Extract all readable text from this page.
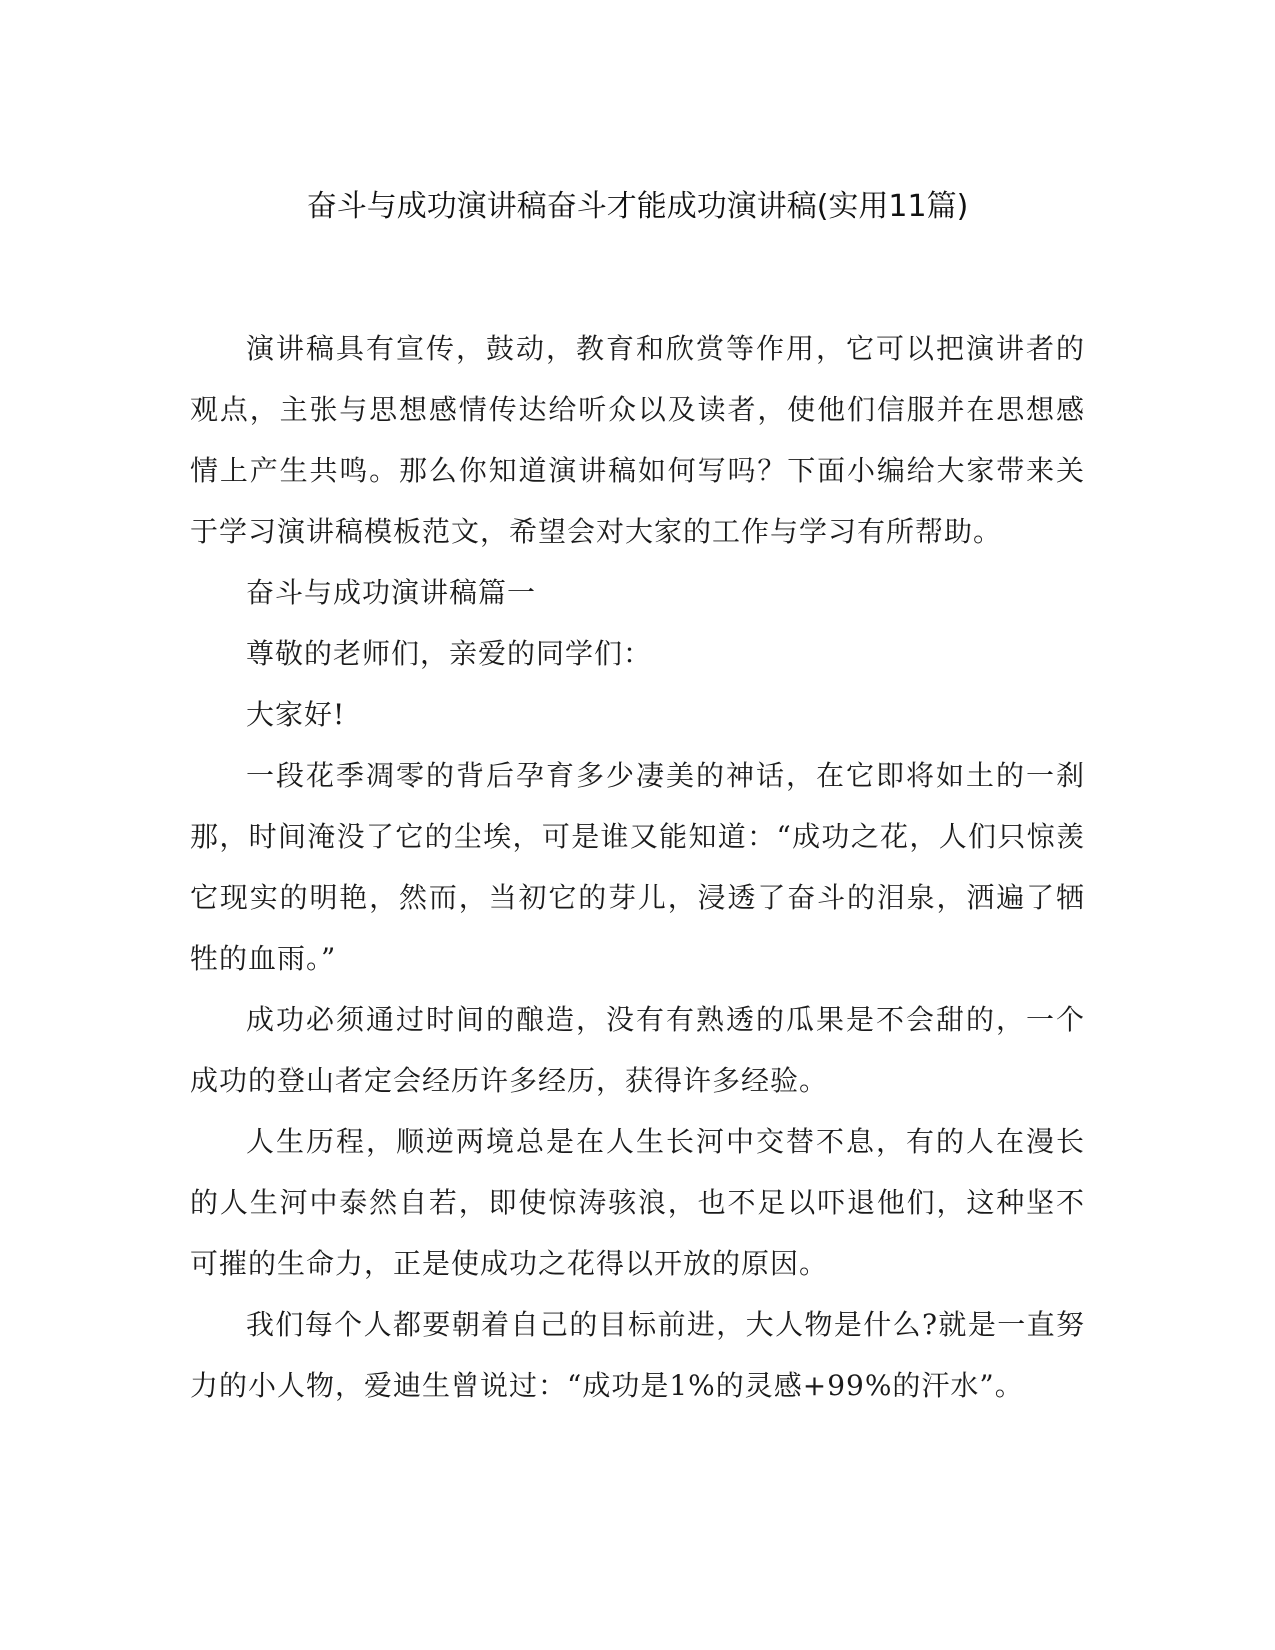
奋斗与成功演讲稿奋斗才能成功演讲稿(实用11篇)

演讲稿具有宣传，鼓动，教育和欣赏等作用，它可以把演讲者的观点，主张与思想感情传达给听众以及读者，使他们信服并在思想感情上产生共鸣。那么你知道演讲稿如何写吗？下面小编给大家带来关于学习演讲稿模板范文，希望会对大家的工作与学习有所帮助。

奋斗与成功演讲稿篇一

尊敬的老师们，亲爱的同学们：

大家好!

一段花季凋零的背后孕育多少凄美的神话，在它即将如土的一刹那，时间淹没了它的尘埃，可是谁又能知道：“成功之花，人们只惊羡它现实的明艳，然而，当初它的芽儿，浸透了奋斗的泪泉，洒遍了牺牲的血雨。”

成功必须通过时间的酿造，没有有熟透的瓜果是不会甜的，一个成功的登山者定会经历许多经历，获得许多经验。

人生历程，顺逆两境总是在人生长河中交替不息，有的人在漫长的人生河中泰然自若，即使惊涛骇浪，也不足以吓退他们，这种坚不可摧的生命力，正是使成功之花得以开放的原因。

我们每个人都要朝着自己的目标前进，大人物是什么?就是一直努力的小人物，爱迪生曾说过：“成功是1%的灵感+99%的汗水”。
